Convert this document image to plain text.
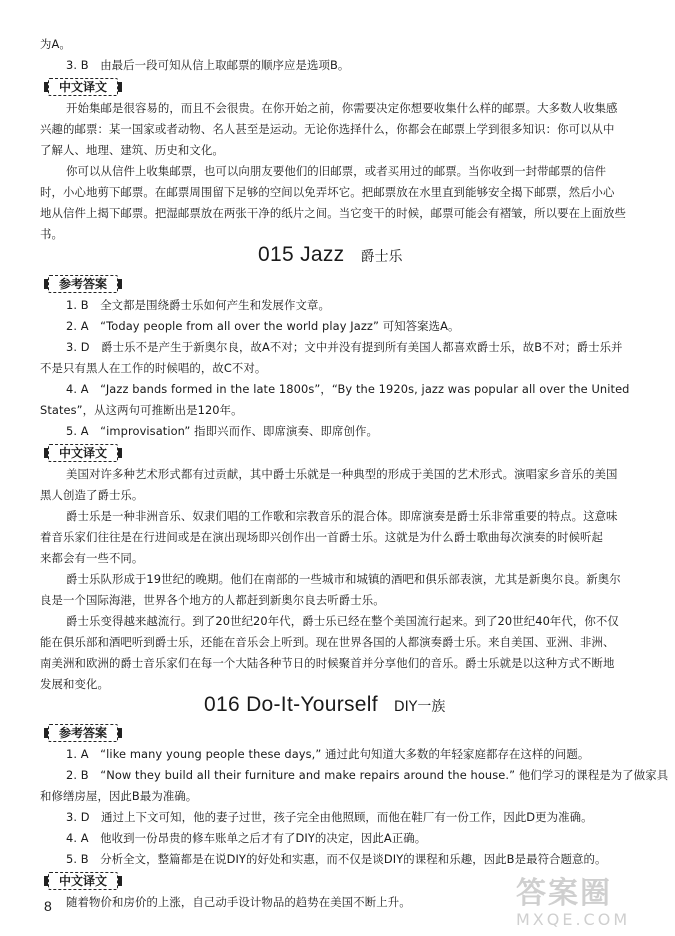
为A。
3. B　由最后一段可知从信上取邮票的顺序应是选项B。
中文译文
开始集邮是很容易的，而且不会很贵。在你开始之前，你需要决定你想要收集什么样的邮票。大多数人收集感
兴趣的邮票：某一国家或者动物、名人甚至是运动。无论你选择什么，你都会在邮票上学到很多知识：你可以从中
了解人、地理、建筑、历史和文化。
你可以从信件上收集邮票，也可以向朋友要他们的旧邮票，或者买用过的邮票。当你收到一封带邮票的信件
时，小心地剪下邮票。在邮票周围留下足够的空间以免弄坏它。把邮票放在水里直到能够安全揭下邮票，然后小心
地从信件上揭下邮票。把湿邮票放在两张干净的纸片之间。当它变干的时候，邮票可能会有褶皱，所以要在上面放些
书。
015 Jazz 爵士乐
参考答案
1. B　全文都是围绕爵士乐如何产生和发展作文章。
2. A　“Today people from all over the world play Jazz” 可知答案选A。
3. D　爵士乐不是产生于新奥尔良，故A不对；文中并没有提到所有美国人都喜欢爵士乐，故B不对；爵士乐并
不是只有黑人在工作的时候唱的，故C不对。
4. A　“Jazz bands formed in the late 1800s”，“By the 1920s, jazz was popular all over the United
States”，从这两句可推断出是120年。
5. A　“improvisation” 指即兴而作、即席演奏、即席创作。
中文译文
美国对许多种艺术形式都有过贡献，其中爵士乐就是一种典型的形成于美国的艺术形式。演唱家乡音乐的美国
黑人创造了爵士乐。
爵士乐是一种非洲音乐、奴隶们唱的工作歌和宗教音乐的混合体。即席演奏是爵士乐非常重要的特点。这意味
着音乐家们往往是在行进间或是在演出现场即兴创作出一首爵士乐。这就是为什么爵士歌曲每次演奏的时候听起
来都会有一些不同。
爵士乐队形成于19世纪的晚期。他们在南部的一些城市和城镇的酒吧和俱乐部表演，尤其是新奥尔良。新奥尔
良是一个国际海港，世界各个地方的人都赶到新奥尔良去听爵士乐。
爵士乐变得越来越流行。到了20世纪20年代，爵士乐已经在整个美国流行起来。到了20世纪40年代，你不仅
能在俱乐部和酒吧听到爵士乐，还能在音乐会上听到。现在世界各国的人都演奏爵士乐。来自美国、亚洲、非洲、
南美洲和欧洲的爵士音乐家们在每一个大陆各种节日的时候聚首并分享他们的音乐。爵士乐就是以这种方式不断地
发展和变化。
016 Do-It-Yourself DIY一族
参考答案
1. A　“like many young people these days,” 通过此句知道大多数的年轻家庭都存在这样的问题。
2. B　“Now they build all their furniture and make repairs around the house.” 他们学习的课程是为了做家具
和修缮房屋，因此B最为准确。
3. D　通过上下文可知，他的妻子过世，孩子完全由他照顾，而他在鞋厂有一份工作，因此D更为准确。
4. A　他收到一份昂贵的修车账单之后才有了DIY的决定，因此A正确。
5. B　分析全文，整篇都是在说DIY的好处和实惠，而不仅是谈DIY的课程和乐趣，因此B是最符合题意的。
中文译文
随着物价和房价的上涨，自己动手设计物品的趋势在美国不断上升。
8	答案圈
MXQE.COM
